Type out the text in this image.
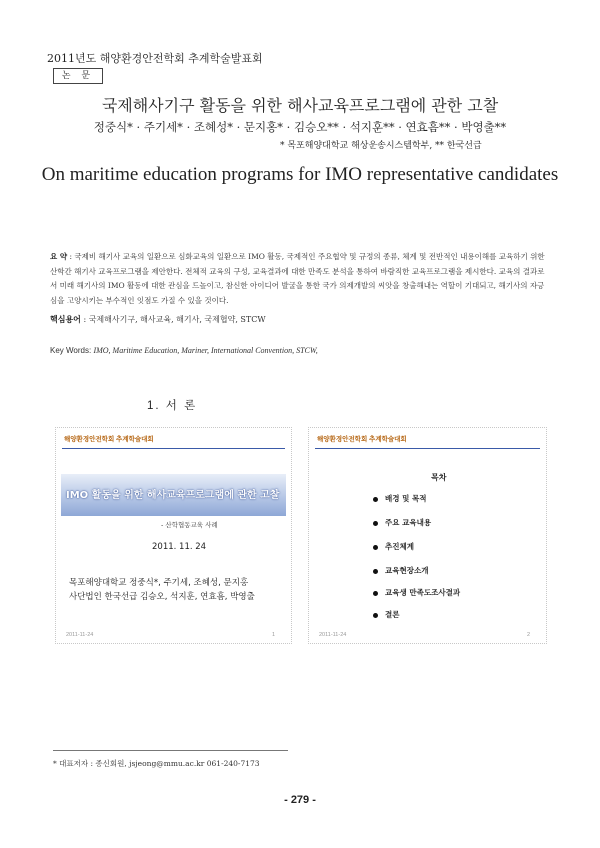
2011년도 해양환경안전학회 추계학술발표회
논 문
국제해사기구 활동을 위한 해사교육프로그램에 관한 고찰
정중식* · 주기세* · 조혜성* · 문지홍* · 김승오** · 석지훈** · 연효흠** · 박영출**
* 목포해양대학교 해상운송시스템학부, ** 한국선급
On maritime education programs for IMO representative candidates
요 약 : 국제비 해기사 교육의 일환으로 심화교육의 일환으로 IMO 활동, 국제적인 주요협약 및 규정의 종류, 체계 및 전반적인 내용이해를 교육하기 위한 산학간 해기사 교육프로그램을 제안한다. 전체적 교육의 구성, 교육결과에 대한 만족도 분석을 통하여 바람직한 교육프로그램을 제시한다. 교육의 결과로서 미래 해기사의 IMO 활동에 대한 관심을 드높이고, 참신한 아이디어 발굴을 통한 국가 의제개발의 씨앗을 창출해내는 역할이 기대되고, 해기사의 자긍심을 고양시키는 부수적인 잇점도 가질 수 있을 것이다.
핵심용어 : 국제해사기구, 해사교육, 해기사, 국제협약, STCW
Key Words: IMO, Maritime Education, Mariner, International Convention, STCW,
1. 서 론
해양환경안전학회 추계학술대회
IMO 활동을 위한 해사교육프로그램에 관한 고찰
- 산학협동교육 사례
2011. 11. 24
목포해양대학교 정중식*, 주기세, 조혜성, 문지홍
사단법인 한국선급 김승오, 석지훈, 연효흠, 박영출
2011-11-24	1
해양환경안전학회 추계학술대회
목차
배경 및 목적
주요 교육내용
추진체계
교육현장소개
교육생 만족도조사결과
결론
2011-11-24	2
* 대표저자 : 종신회원, jsjeong@mmu.ac.kr 061-240-7173
- 279 -
